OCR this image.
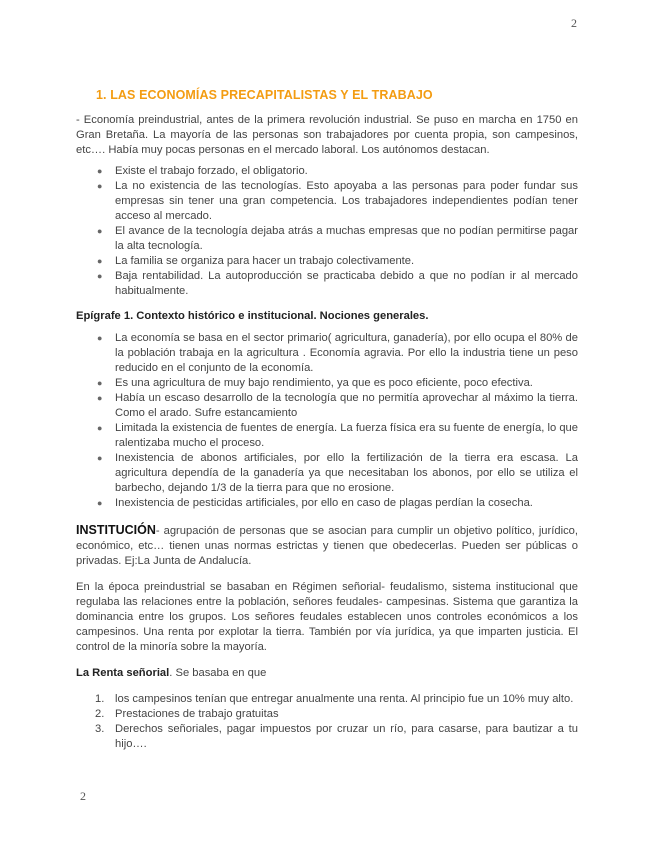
2
1. LAS ECONOMÍAS PRECAPITALISTAS Y EL TRABAJO

- Economía preindustrial, antes de la primera revolución industrial. Se puso en marcha en 1750 en Gran Bretaña. La mayoría de las personas son trabajadores por cuenta propia, son campesinos, etc…. Había muy pocas personas en el mercado laboral. Los autónomos destacan.

● Existe el trabajo forzado, el obligatorio.
● La no existencia de las tecnologías. Esto apoyaba a las personas para poder fundar sus empresas sin tener una gran competencia. Los trabajadores independientes podían tener acceso al mercado.
● El avance de la tecnología dejaba atrás a muchas empresas que no podían permitirse pagar la alta tecnología.
● La familia se organiza para hacer un trabajo colectivamente.
● Baja rentabilidad. La autoproducción se practicaba debido a que no podían ir al mercado habitualmente.

Epígrafe 1. Contexto histórico e institucional. Nociones generales.

● La economía se basa en el sector primario( agricultura, ganadería), por ello ocupa el 80% de la población trabaja en la agricultura . Economía agravia. Por ello la industria tiene un peso reducido en el conjunto de la economía.
● Es una agricultura de muy bajo rendimiento, ya que es poco eficiente, poco efectiva.
● Había un escaso desarrollo de la tecnología que no permitía aprovechar al máximo la tierra. Como el arado. Sufre estancamiento
● Limitada la existencia de fuentes de energía. La fuerza física era su fuente de energía, lo que ralentizaba mucho el proceso.
● Inexistencia de abonos artificiales, por ello la fertilización de la tierra era escasa. La agricultura dependía de la ganadería ya que necesitaban los abonos, por ello se utiliza el barbecho, dejando 1/3 de la tierra para que no erosione.
● Inexistencia de pesticidas artificiales, por ello en caso de plagas perdían la cosecha.

INSTITUCIÓN- agrupación de personas que se asocian para cumplir un objetivo político, jurídico, económico, etc… tienen unas normas estrictas y tienen que obedecerlas. Pueden ser públicas o privadas. Ej:La Junta de Andalucía.

En la época preindustrial se basaban en Régimen señorial- feudalismo, sistema institucional que regulaba las relaciones entre la población, señores feudales- campesinas. Sistema que garantiza la dominancia entre los grupos. Los señores feudales establecen unos controles económicos a los campesinos. Una renta por explotar la tierra. También por vía jurídica, ya que imparten justicia. El control de la minoría sobre la mayoría.

La Renta señorial. Se basaba en que

1. los campesinos tenían que entregar anualmente una renta. Al principio fue un 10% muy alto.
2. Prestaciones de trabajo gratuitas
3. Derechos señoriales, pagar impuestos por cruzar un río, para casarse, para bautizar a tu hijo….
2
